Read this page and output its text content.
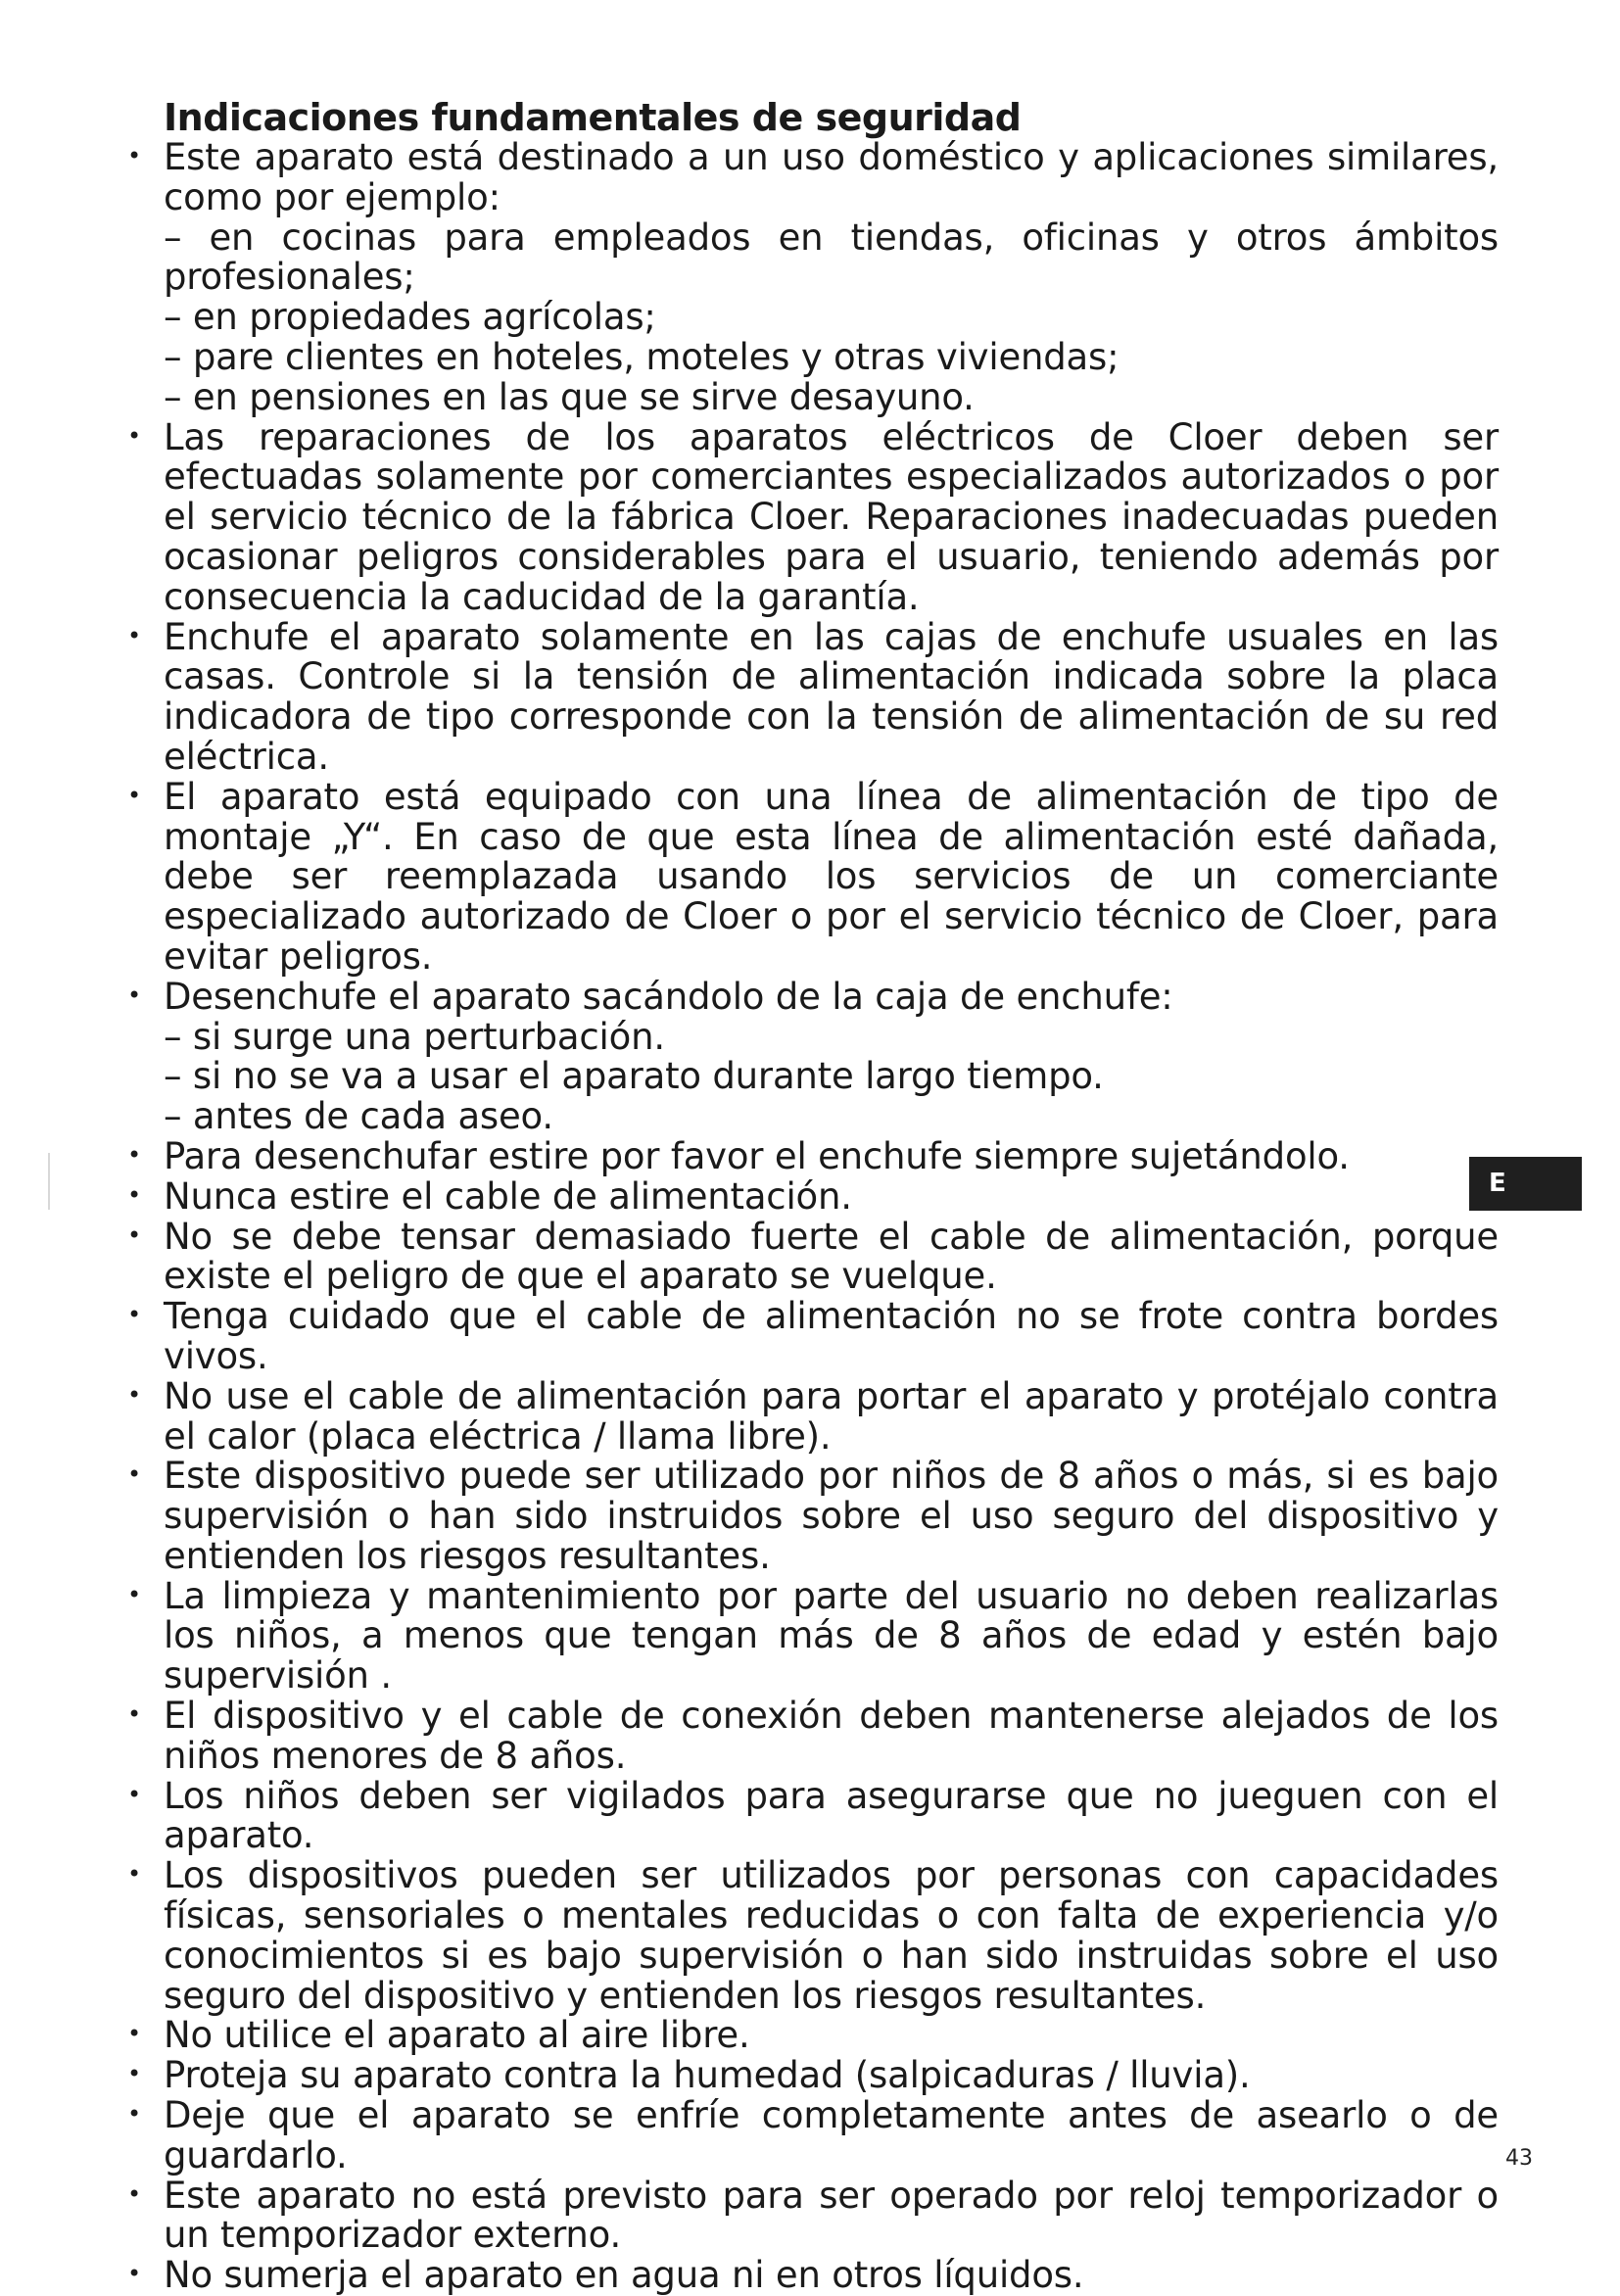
Indicaciones fundamentales de seguridad
• Este aparato está destinado a un uso doméstico y aplicaciones similares, como por ejemplo:
– en cocinas para empleados en tiendas, oficinas y otros ámbitos profesionales;
– en propiedades agrícolas;
– pare clientes en hoteles, moteles y otras viviendas;
– en pensiones en las que se sirve desayuno.
• Las reparaciones de los aparatos eléctricos de Cloer deben ser efectuadas solamente por comerciantes especializados autorizados o por el servicio técnico de la fábrica Cloer. Reparaciones inadecuadas pueden ocasionar peligros considerables para el usuario, teniendo además por consecuencia la caducidad de la garantía.
• Enchufe el aparato solamente en las cajas de enchufe usuales en las casas. Controle si la tensión de alimentación indicada sobre la placa indicadora de tipo corresponde con la tensión de alimentación de su red eléctrica.
• El aparato está equipado con una línea de alimentación de tipo de montaje „Y“. En caso de que esta línea de alimentación esté dañada, debe ser reemplazada usando los servicios de un comerciante especializado autorizado de Cloer o por el servicio técnico de Cloer, para evitar peligros.
• Desenchufe el aparato sacándolo de la caja de enchufe:
– si surge una perturbación.
– si no se va a usar el aparato durante largo tiempo.
– antes de cada aseo.
• Para desenchufar estire por favor el enchufe siempre sujetándolo.
• Nunca estire el cable de alimentación.
• No se debe tensar demasiado fuerte el cable de alimentación, porque existe el peligro de que el aparato se vuelque.
• Tenga cuidado que el cable de alimentación no se frote contra bordes vivos.
• No use el cable de alimentación para portar el aparato y protéjalo contra el calor (placa eléctrica / llama libre).
• Este dispositivo puede ser utilizado por niños de 8 años o más, si es bajo supervisión o han sido instruidos sobre el uso seguro del dispositivo y entienden los riesgos resultantes.
• La limpieza y mantenimiento por parte del usuario no deben realizarlas los niños, a menos que tengan más de 8 años de edad y estén bajo supervisión .
• El dispositivo y el cable de conexión deben mantenerse alejados de los niños menores de 8 años.
• Los niños deben ser vigilados para asegurarse que no jueguen con el aparato.
• Los dispositivos pueden ser utilizados por personas con capacidades físicas, sensoriales o mentales reducidas o con falta de experiencia y/o conocimientos si es bajo supervisión o han sido instruidas sobre el uso seguro del dispositivo y entienden los riesgos resultantes.
• No utilice el aparato al aire libre.
• Proteja su aparato contra la humedad (salpicaduras / lluvia).
• Deje que el aparato se enfríe completamente antes de asearlo o de guardarlo.
• Este aparato no está previsto para ser operado por reloj temporizador o un temporizador externo.
• No sumerja el aparato en agua ni en otros líquidos.
E
43
